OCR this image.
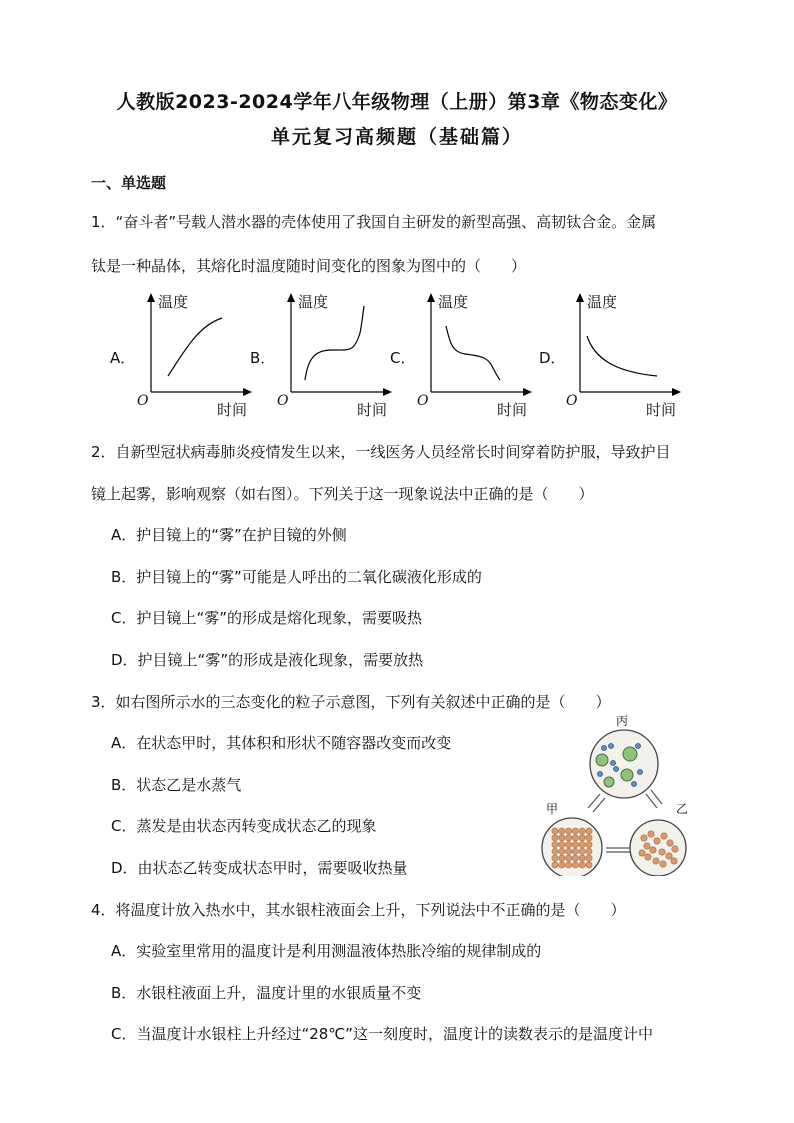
人教版2023-2024学年八年级物理（上册）第3章《物态变化》
单元复习高频题（基础篇）
一、单选题
1．“奋斗者”号载人潜水器的壳体使用了我国自主研发的新型高强、高韧钛合金。金属
钛是一种晶体，其熔化时温度随时间变化的图象为图中的（　　）
A．
温度
时间
O
B．
温度
时间
O
C．
温度
时间
O
D．
温度
时间
O
2．自新型冠状病毒肺炎疫情发生以来，一线医务人员经常长时间穿着防护服，导致护目
镜上起雾，影响观察（如右图）。下列关于这一现象说法中正确的是（　　）
A．护目镜上的“雾”在护目镜的外侧
B．护目镜上的“雾”可能是人呼出的二氧化碳液化形成的
C．护目镜上“雾”的形成是熔化现象，需要吸热
D．护目镜上“雾”的形成是液化现象，需要放热
3．如右图所示水的三态变化的粒子示意图，下列有关叙述中正确的是（　　）
A．在状态甲时，其体积和形状不随容器改变而改变
B．状态乙是水蒸气
C．蒸发是由状态丙转变成状态乙的现象
D．由状态乙转变成状态甲时，需要吸收热量
丙
甲	乙
4．将温度计放入热水中，其水银柱液面会上升，下列说法中不正确的是（　　）
A．实验室里常用的温度计是利用测温液体热胀冷缩的规律制成的
B．水银柱液面上升，温度计里的水银质量不变
C．当温度计水银柱上升经过“28℃”这一刻度时，温度计的读数表示的是温度计中
